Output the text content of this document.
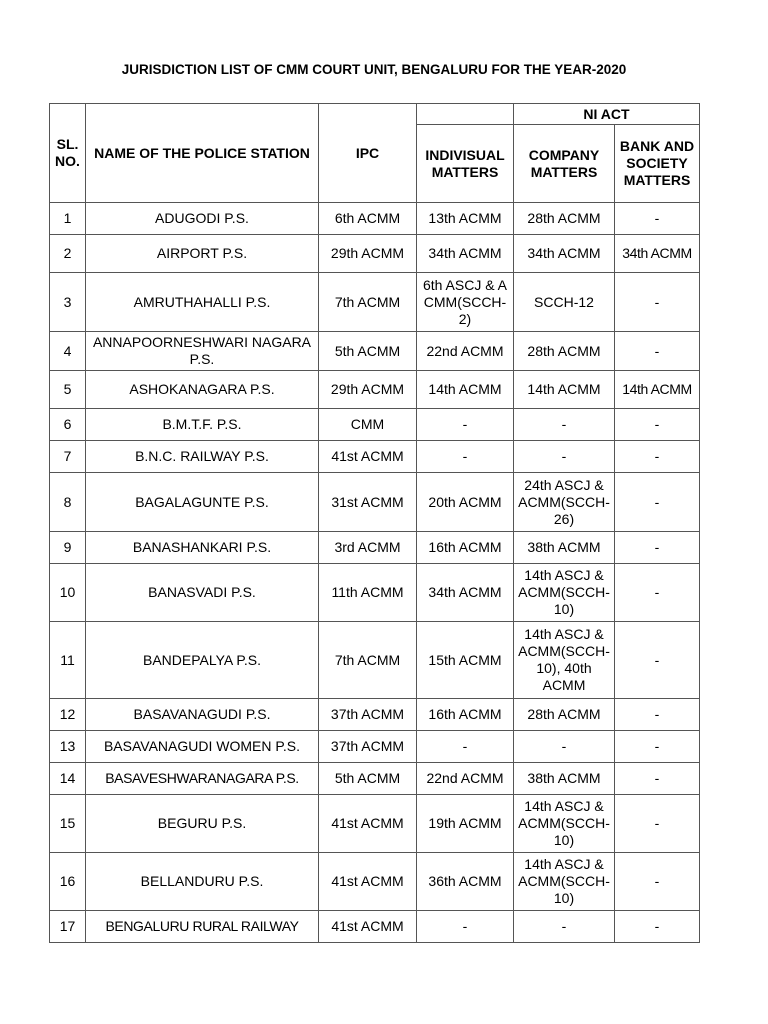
JURISDICTION LIST OF CMM COURT UNIT, BENGALURU FOR THE YEAR-2020
SL. NO.	NAME OF THE POLICE STATION	IPC		NI ACT	
			INDIVISUAL MATTERS	COMPANY MATTERS	BANK AND SOCIETY MATTERS
1	ADUGODI P.S.	6th ACMM	13th ACMM	28th ACMM	-
2	AIRPORT P.S.	29th ACMM	34th ACMM	34th ACMM	34th ACMM
3	AMRUTHAHALLI P.S.	7th ACMM	6th ASCJ & ACMM(SCCH-2)	SCCH-12	-
4	ANNAPOORNESHWARI NAGARA P.S.	5th ACMM	22nd ACMM	28th ACMM	-
5	ASHOKANAGARA P.S.	29th ACMM	14th ACMM	14th ACMM	14th ACMM
6	B.M.T.F. P.S.	CMM	-	-	-
7	B.N.C. RAILWAY P.S.	41st ACMM	-	-	-
8	BAGALAGUNTE P.S.	31st ACMM	20th ACMM	24th ASCJ & ACMM(SCCH-26)	-
9	BANASHANKARI P.S.	3rd ACMM	16th ACMM	38th ACMM	-
10	BANASVADI P.S.	11th ACMM	34th ACMM	14th ASCJ & ACMM(SCCH-10)	-
11	BANDEPALYA P.S.	7th ACMM	15th ACMM	14th ASCJ & ACMM(SCCH-10), 40th ACMM	-
12	BASAVANAGUDI P.S.	37th ACMM	16th ACMM	28th ACMM	-
13	BASAVANAGUDI WOMEN P.S.	37th ACMM	-	-	-
14	BASAVESHWARANAGARA P.S.	5th ACMM	22nd ACMM	38th ACMM	-
15	BEGURU P.S.	41st ACMM	19th ACMM	14th ASCJ & ACMM(SCCH-10)	-
16	BELLANDURU P.S.	41st ACMM	36th ACMM	14th ASCJ & ACMM(SCCH-10)	-
17	BENGALURU RURAL RAILWAY	41st ACMM	-	-	-
